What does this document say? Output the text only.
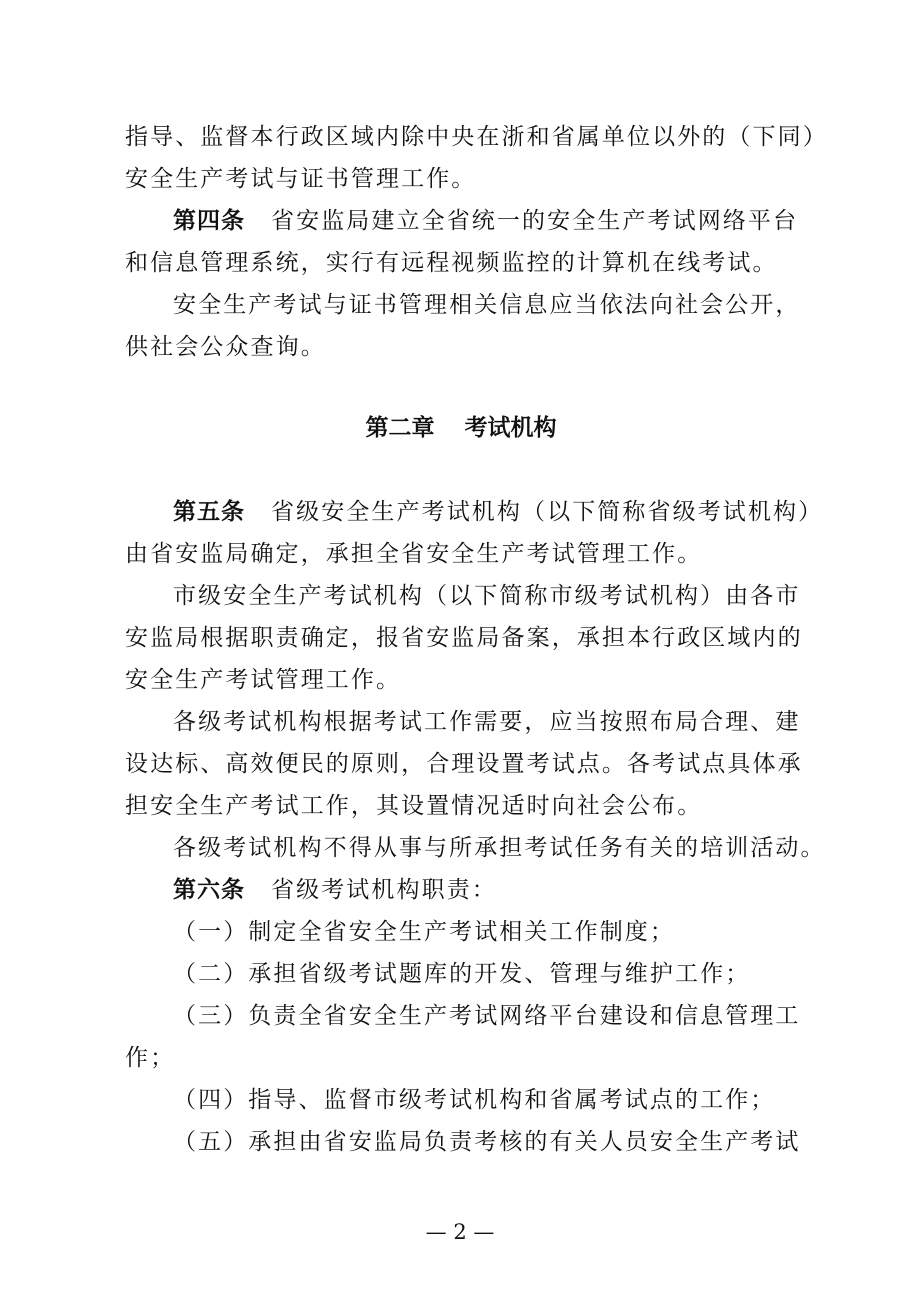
指导、监督本行政区域内除中央在浙和省属单位以外的（下同）
安全生产考试与证书管理工作。
第四条 省安监局建立全省统一的安全生产考试网络平台
和信息管理系统，实行有远程视频监控的计算机在线考试。
安全生产考试与证书管理相关信息应当依法向社会公开，
供社会公众查询。
第二章 考试机构
第五条 省级安全生产考试机构（以下简称省级考试机构）
由省安监局确定，承担全省安全生产考试管理工作。
市级安全生产考试机构（以下简称市级考试机构）由各市
安监局根据职责确定，报省安监局备案，承担本行政区域内的
安全生产考试管理工作。
各级考试机构根据考试工作需要，应当按照布局合理、建
设达标、高效便民的原则，合理设置考试点。各考试点具体承
担安全生产考试工作，其设置情况适时向社会公布。
各级考试机构不得从事与所承担考试任务有关的培训活动。
第六条 省级考试机构职责：
（一）制定全省安全生产考试相关工作制度；
（二）承担省级考试题库的开发、管理与维护工作；
（三）负责全省安全生产考试网络平台建设和信息管理工
作；
（四）指导、监督市级考试机构和省属考试点的工作；
（五）承担由省安监局负责考核的有关人员安全生产考试
— 2 —
